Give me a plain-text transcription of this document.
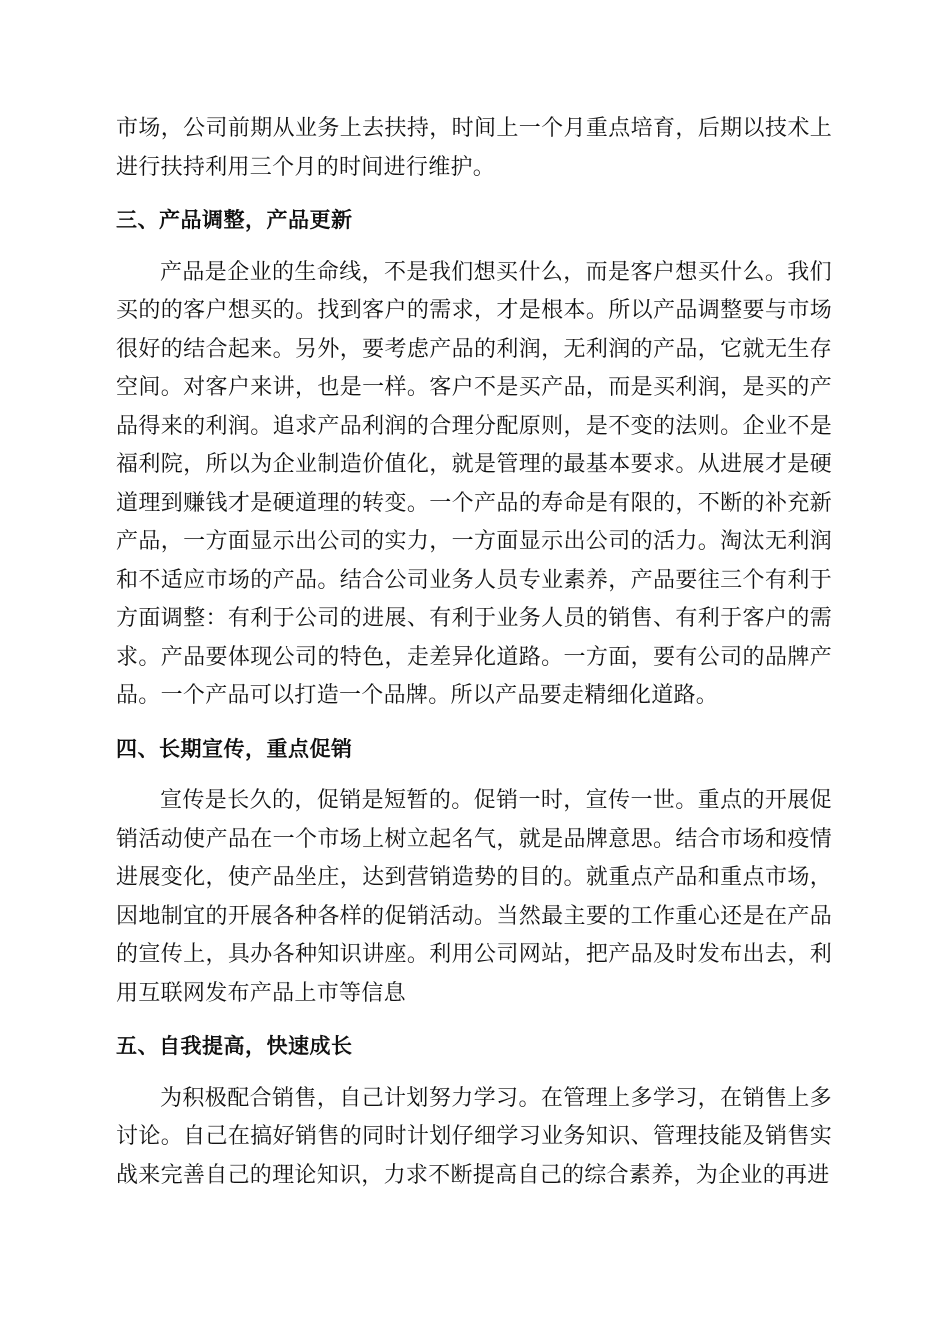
市场，公司前期从业务上去扶持，时间上一个月重点培育，后期以技术上进行扶持利用三个月的时间进行维护。

三、产品调整，产品更新

产品是企业的生命线，不是我们想买什么，而是客户想买什么。我们买的的客户想买的。找到客户的需求，才是根本。所以产品调整要与市场很好的结合起来。另外，要考虑产品的利润，无利润的产品，它就无生存空间。对客户来讲，也是一样。客户不是买产品，而是买利润，是买的产品得来的利润。追求产品利润的合理分配原则，是不变的法则。企业不是福利院，所以为企业制造价值化，就是管理的最基本要求。从进展才是硬道理到赚钱才是硬道理的转变。一个产品的寿命是有限的，不断的补充新产品，一方面显示出公司的实力，一方面显示出公司的活力。淘汰无利润和不适应市场的产品。结合公司业务人员专业素养，产品要往三个有利于方面调整：有利于公司的进展、有利于业务人员的销售、有利于客户的需求。产品要体现公司的特色，走差异化道路。一方面，要有公司的品牌产品。一个产品可以打造一个品牌。所以产品要走精细化道路。

四、长期宣传，重点促销

宣传是长久的，促销是短暂的。促销一时，宣传一世。重点的开展促销活动使产品在一个市场上树立起名气，就是品牌意思。结合市场和疫情进展变化，使产品坐庄，达到营销造势的目的。就重点产品和重点市场，因地制宜的开展各种各样的促销活动。当然最主要的工作重心还是在产品的宣传上，具办各种知识讲座。利用公司网站，把产品及时发布出去，利用互联网发布产品上市等信息

五、自我提高，快速成长

为积极配合销售，自己计划努力学习。在管理上多学习，在销售上多讨论。自己在搞好销售的同时计划仔细学习业务知识、管理技能及销售实战来完善自己的理论知识，力求不断提高自己的综合素养，为企业的再进
